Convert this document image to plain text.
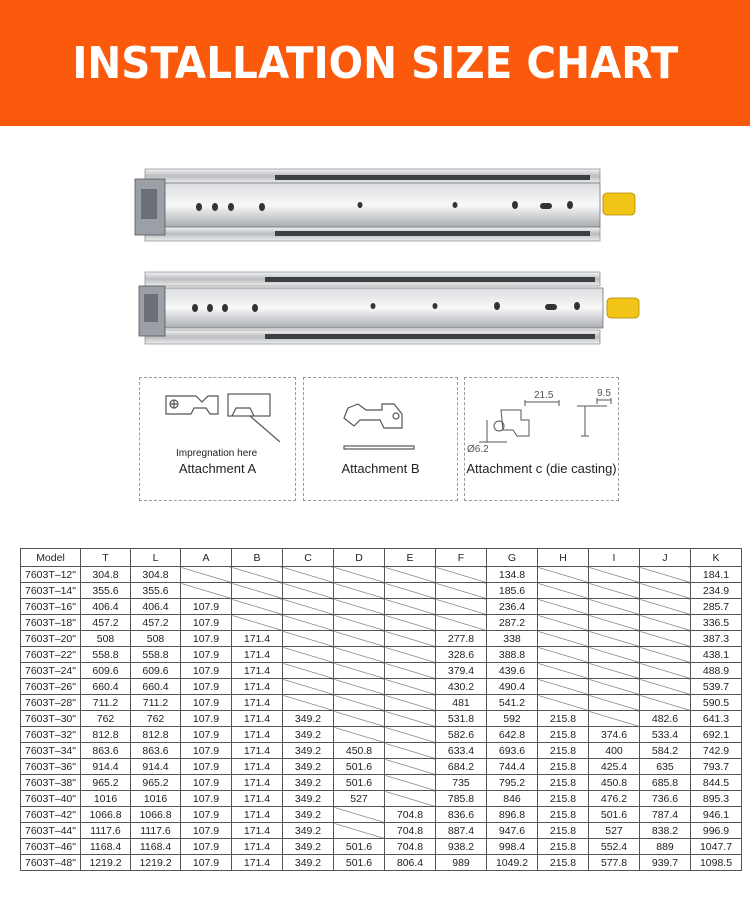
INSTALLATION SIZE CHART
Impregnation here
Attachment A	Attachment B
21.5	9.5
Ø6.2
Attachment c (die casting)
Model	T	L	A	B	C	D	E	F	G	H	I	J	K
7603T–12"	304.8	304.8							134.8				184.1
7603T–14"	355.6	355.6							185.6				234.9
7603T–16"	406.4	406.4	107.9						236.4				285.7
7603T–18"	457.2	457.2	107.9						287.2				336.5
7603T–20"	508	508	107.9	171.4				277.8	338				387.3
7603T–22"	558.8	558.8	107.9	171.4				328.6	388.8				438.1
7603T–24"	609.6	609.6	107.9	171.4				379.4	439.6				488.9
7603T–26"	660.4	660.4	107.9	171.4				430.2	490.4				539.7
7603T–28"	711.2	711.2	107.9	171.4				481	541.2				590.5
7603T–30"	762	762	107.9	171.4	349.2			531.8	592	215.8		482.6	641.3
7603T–32"	812.8	812.8	107.9	171.4	349.2			582.6	642.8	215.8	374.6	533.4	692.1
7603T–34"	863.6	863.6	107.9	171.4	349.2	450.8		633.4	693.6	215.8	400	584.2	742.9
7603T–36"	914.4	914.4	107.9	171.4	349.2	501.6		684.2	744.4	215.8	425.4	635	793.7
7603T–38"	965.2	965.2	107.9	171.4	349.2	501.6		735	795.2	215.8	450.8	685.8	844.5
7603T–40"	1016	1016	107.9	171.4	349.2	527		785.8	846	215.8	476.2	736.6	895.3
7603T–42"	1066.8	1066.8	107.9	171.4	349.2		704.8	836.6	896.8	215.8	501.6	787.4	946.1
7603T–44"	1117.6	1117.6	107.9	171.4	349.2		704.8	887.4	947.6	215.8	527	838.2	996.9
7603T–46"	1168.4	1168.4	107.9	171.4	349.2	501.6	704.8	938.2	998.4	215.8	552.4	889	1047.7
7603T–48"	1219.2	1219.2	107.9	171.4	349.2	501.6	806.4	989	1049.2	215.8	577.8	939.7	1098.5
